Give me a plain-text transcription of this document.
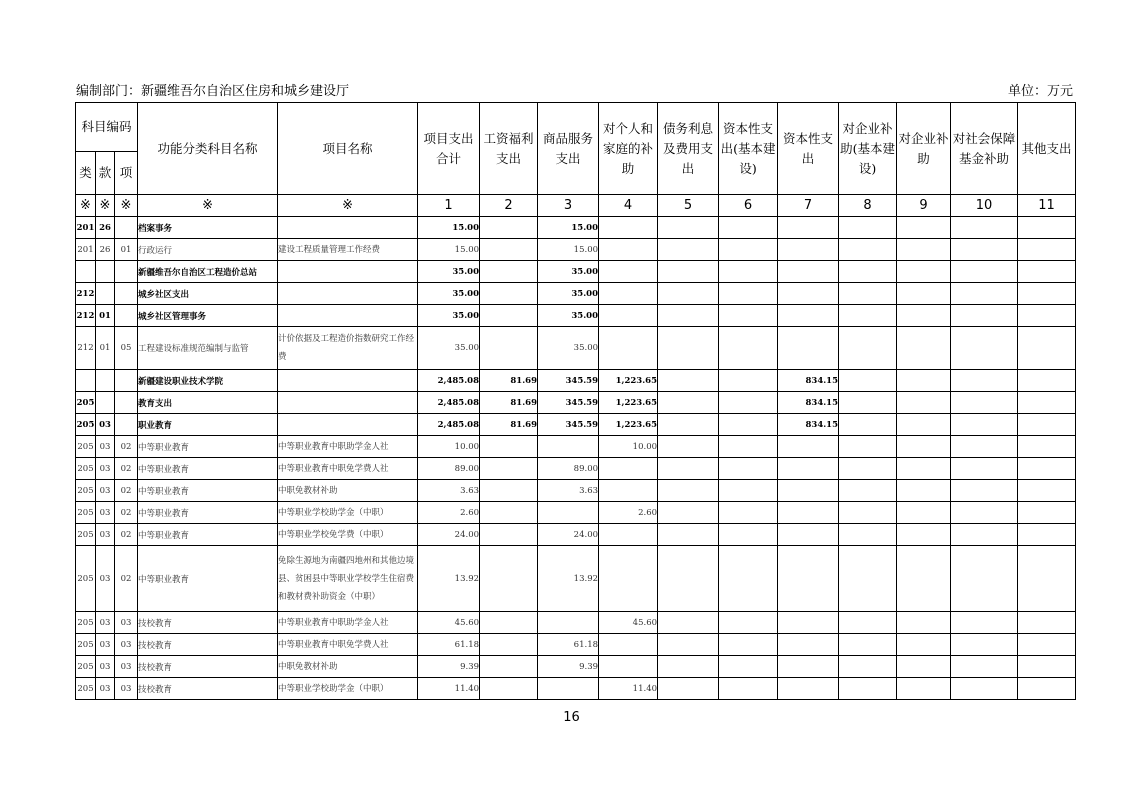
编制部门：新疆维吾尔自治区住房和城乡建设厅	单位：万元
科目编码			功能分类科目名称	项目名称	项目支出合计	工资福利支出	商品服务支出	对个人和家庭的补助	债务利息及费用支出	资本性支出(基本建设)	资本性支出	对企业补助(基本建设)	对企业补助	对社会保障基金补助	其他支出
类	款	项													
※	※	※	※	※	1	2	3	4	5	6	7	8	9	10	11
201	26		档案事务		15.00		15.00								
201	26	01	行政运行	建设工程质量管理工作经费	15.00		15.00								
			新疆维吾尔自治区工程造价总站		35.00		35.00								
212			城乡社区支出		35.00		35.00								
212	01		城乡社区管理事务		35.00		35.00								
212	01	05	工程建设标准规范编制与监管	计价依据及工程造价指数研究工作经费	35.00		35.00								
			新疆建设职业技术学院		2,485.08	81.69	345.59	1,223.65			834.15				
205			教育支出		2,485.08	81.69	345.59	1,223.65			834.15				
205	03		职业教育		2,485.08	81.69	345.59	1,223.65			834.15				
205	03	02	中等职业教育	中等职业教育中职助学金人社	10.00			10.00							
205	03	02	中等职业教育	中等职业教育中职免学费人社	89.00		89.00								
205	03	02	中等职业教育	中职免教材补助	3.63		3.63								
205	03	02	中等职业教育	中等职业学校助学金（中职）	2.60			2.60							
205	03	02	中等职业教育	中等职业学校免学费（中职）	24.00		24.00								
205	03	02	中等职业教育	免除生源地为南疆四地州和其他边境县、贫困县中等职业学校学生住宿费和教材费补助资金（中职）	13.92		13.92								
205	03	03	技校教育	中等职业教育中职助学金人社	45.60			45.60							
205	03	03	技校教育	中等职业教育中职免学费人社	61.18		61.18								
205	03	03	技校教育	中职免教材补助	9.39		9.39								
205	03	03	技校教育	中等职业学校助学金（中职）	11.40			11.40							
16
